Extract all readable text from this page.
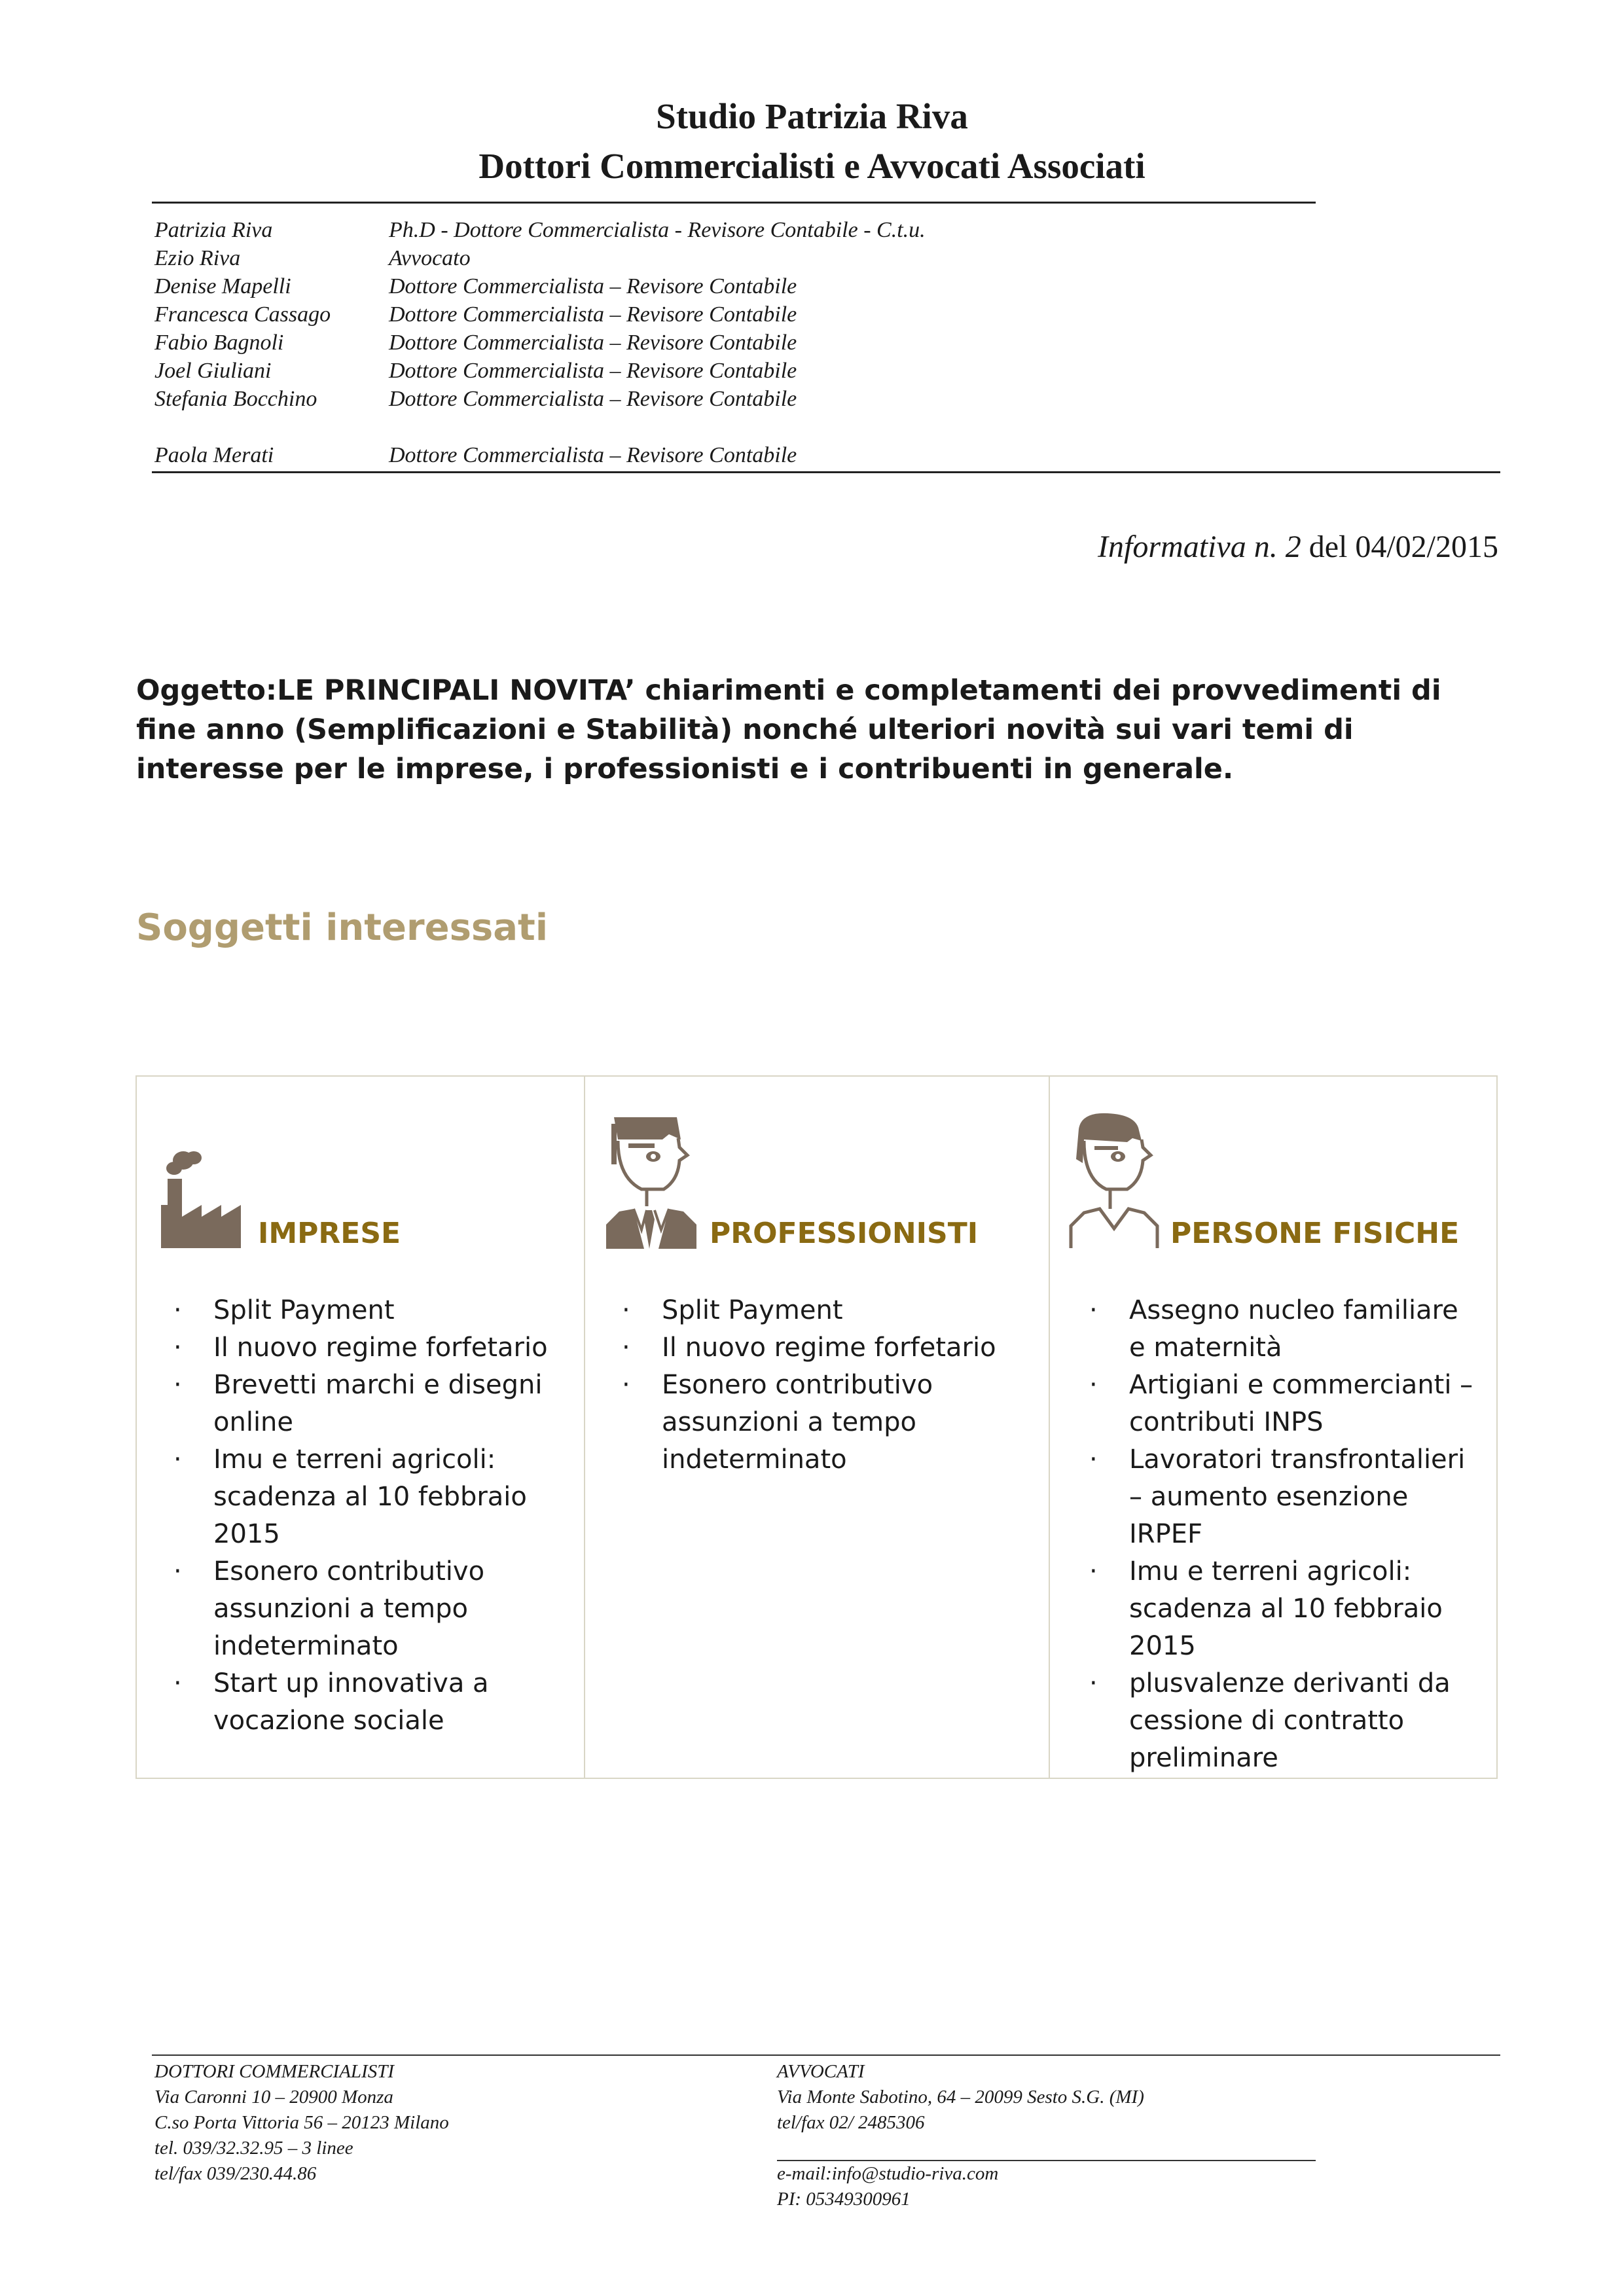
Studio Patrizia Riva
Dottori Commercialisti e Avvocati Associati
Patrizia Riva	Ph.D - Dottore Commercialista - Revisore Contabile - C.t.u.
Ezio Riva	Avvocato
Denise Mapelli	Dottore Commercialista – Revisore Contabile
Francesca Cassago	Dottore Commercialista – Revisore Contabile
Fabio Bagnoli	Dottore Commercialista – Revisore Contabile
Joel Giuliani	Dottore Commercialista – Revisore Contabile
Stefania Bocchino	Dottore Commercialista – Revisore Contabile
Paola Merati	Dottore Commercialista – Revisore Contabile
Informativa n. 2 del 04/02/2015
Oggetto:LE PRINCIPALI NOVITA’ chiarimenti e completamenti dei provvedimenti di fine anno (Semplificazioni e Stabilità) nonché ulteriori novità sui vari temi di interesse per le imprese, i professionisti e i contribuenti in generale.
Soggetti interessati
IMPRESE
· Split Payment
· Il nuovo regime forfetario
· Brevetti marchi e disegni online
· Imu e terreni agricoli: scadenza al 10 febbraio 2015
· Esonero contributivo assunzioni a tempo indeterminato
· Start up innovativa a vocazione sociale
PROFESSIONISTI
· Split Payment
· Il nuovo regime forfetario
· Esonero contributivo assunzioni a tempo indeterminato
PERSONE FISICHE
· Assegno nucleo familiare e maternità
· Artigiani e commercianti – contributi INPS
· Lavoratori transfrontalieri – aumento esenzione IRPEF
· Imu e terreni agricoli: scadenza al 10 febbraio 2015
· plusvalenze derivanti da cessione di contratto preliminare
DOTTORI COMMERCIALISTI
Via Caronni 10 – 20900 Monza
C.so Porta Vittoria 56 – 20123 Milano
tel. 039/32.32.95 – 3 linee
tel/fax 039/230.44.86
AVVOCATI
Via Monte Sabotino, 64 – 20099 Sesto S.G. (MI)
tel/fax 02/ 2485306
e-mail:info@studio-riva.com
PI: 05349300961
